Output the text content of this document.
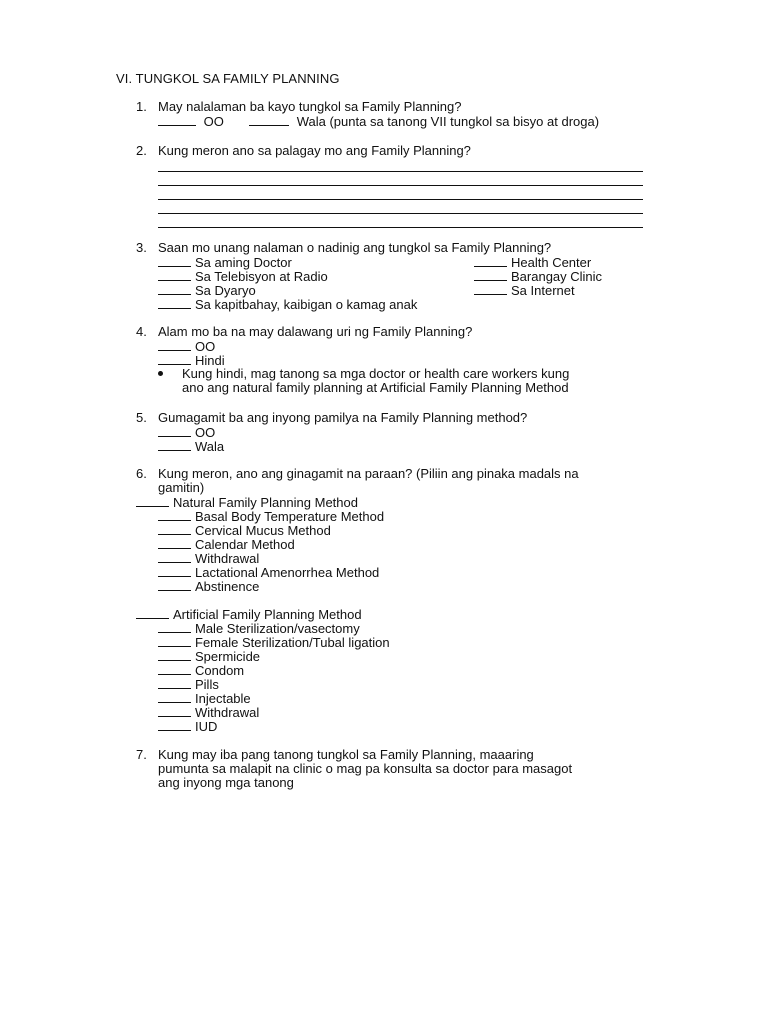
VI. TUNGKOL SA FAMILY PLANNING
1. May nalalaman ba kayo tungkol sa Family Planning?
OO	Wala (punta sa tanong VII tungkol sa bisyo at droga)
2. Kung meron ano sa palagay mo ang Family Planning?
3. Saan mo unang nalaman o nadinig ang tungkol sa Family Planning?
Sa aming Doctor
Sa Telebisyon at Radio
Sa Dyaryo
Sa kapitbahay, kaibigan o kamag anak
Health Center
Barangay Clinic
Sa Internet
4. Alam mo ba na may dalawang uri ng Family Planning?
OO
Hindi
Kung hindi, mag tanong sa mga doctor or health care workers kung
ano ang natural family planning at Artificial Family Planning Method
5. Gumagamit ba ang inyong pamilya na Family Planning method?
OO
Wala
6. Kung meron, ano ang ginagamit na paraan? (Piliin ang pinaka madals na
gamitin)
Natural Family Planning Method
Basal Body Temperature Method
Cervical Mucus Method
Calendar Method
Withdrawal
Lactational Amenorrhea Method
Abstinence
Artificial Family Planning Method
Male Sterilization/vasectomy
Female Sterilization/Tubal ligation
Spermicide
Condom
Pills
Injectable
Withdrawal
IUD
7. Kung may iba pang tanong tungkol sa Family Planning, maaaring
pumunta sa malapit na clinic o mag pa konsulta sa doctor para masagot
ang inyong mga tanong
